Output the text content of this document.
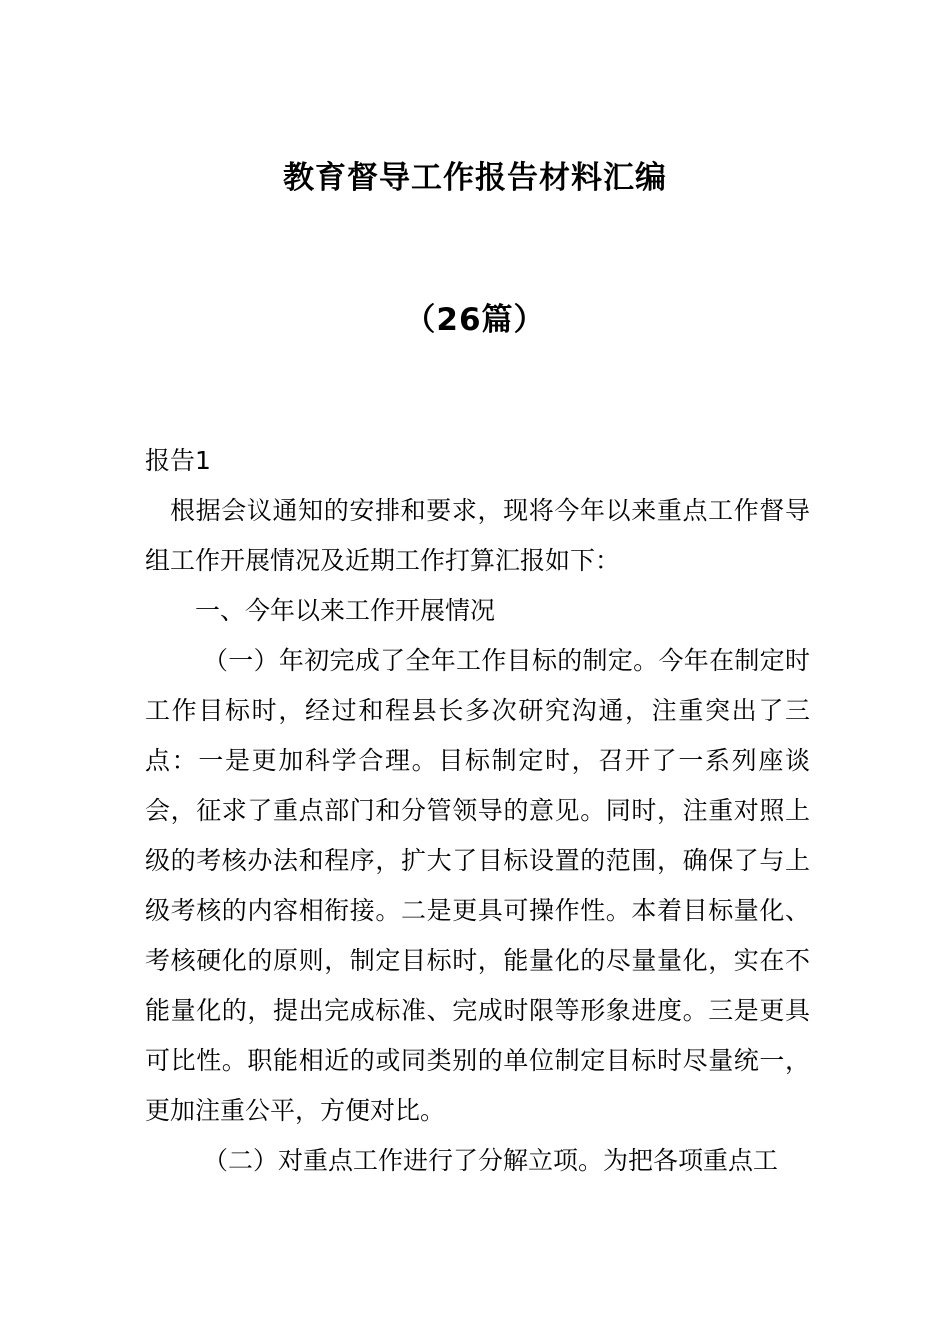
教育督导工作报告材料汇编
（26篇）

报告1

根据会议通知的安排和要求，现将今年以来重点工作督导组工作开展情况及近期工作打算汇报如下：

一、今年以来工作开展情况

（一）年初完成了全年工作目标的制定。今年在制定时工作目标时，经过和程县长多次研究沟通，注重突出了三点：一是更加科学合理。目标制定时，召开了一系列座谈会，征求了重点部门和分管领导的意见。同时，注重对照上级的考核办法和程序，扩大了目标设置的范围，确保了与上级考核的内容相衔接。二是更具可操作性。本着目标量化、考核硬化的原则，制定目标时，能量化的尽量量化，实在不能量化的，提出完成标准、完成时限等形象进度。三是更具可比性。职能相近的或同类别的单位制定目标时尽量统一，更加注重公平，方便对比。

（二）对重点工作进行了分解立项。为把各项重点工
